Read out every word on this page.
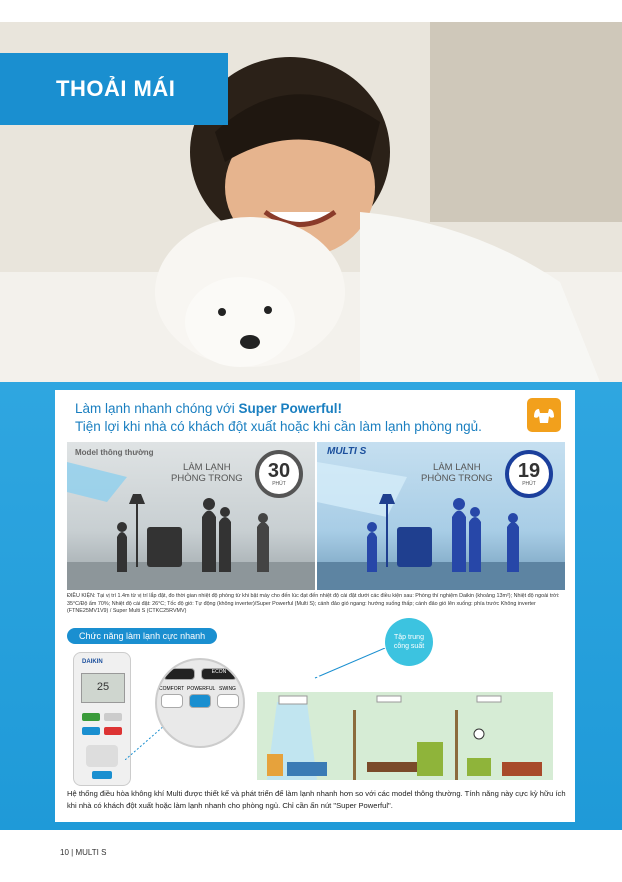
THOẢI MÁI
Làm lạnh nhanh chóng với Super Powerful!
Tiện lợi khi nhà có khách đột xuất hoặc khi cần làm lạnh phòng ngủ.
Model thông thường
LÀM LẠNH
PHÒNG TRONG 30
PHÚT
MULTI S
LÀM LẠNH
PHÒNG TRONG 19
PHÚT
ĐIỀU KIỆN: Tại vị trí 1.4m từ vị trí lắp đặt, đo thời gian nhiệt độ phòng từ khi bật máy cho đến lúc đạt đến nhiệt độ cài đặt dưới các điều kiện sau: Phòng thí nghiệm Daikin (khoảng 13m²); Nhiệt độ ngoài trời: 35°C/Độ ẩm 70%; Nhiệt độ cài đặt: 26°C; Tốc độ gió: Tự động (không inverter)/Super Powerful (Multi S); cánh đảo gió ngang: hướng xuống thấp; cánh đảo gió lên xuống: phía trước Không inverter (FTNE25MV1V9) / Super Multi S (CTKC25RVMV)
Chức năng làm lạnh cực nhanh
DAIKIN
25
ECON
COMFORT POWERFUL SWING
Tập trung
công suất
Hệ thống điều hòa không khí Multi được thiết kế và phát triển để làm lạnh nhanh hơn so với các model thông thường. Tính năng này cực kỳ hữu ích khi nhà có khách đột xuất hoặc làm lạnh nhanh cho phòng ngủ. Chỉ cần ấn nút "Super Powerful".
10 | MULTI S
